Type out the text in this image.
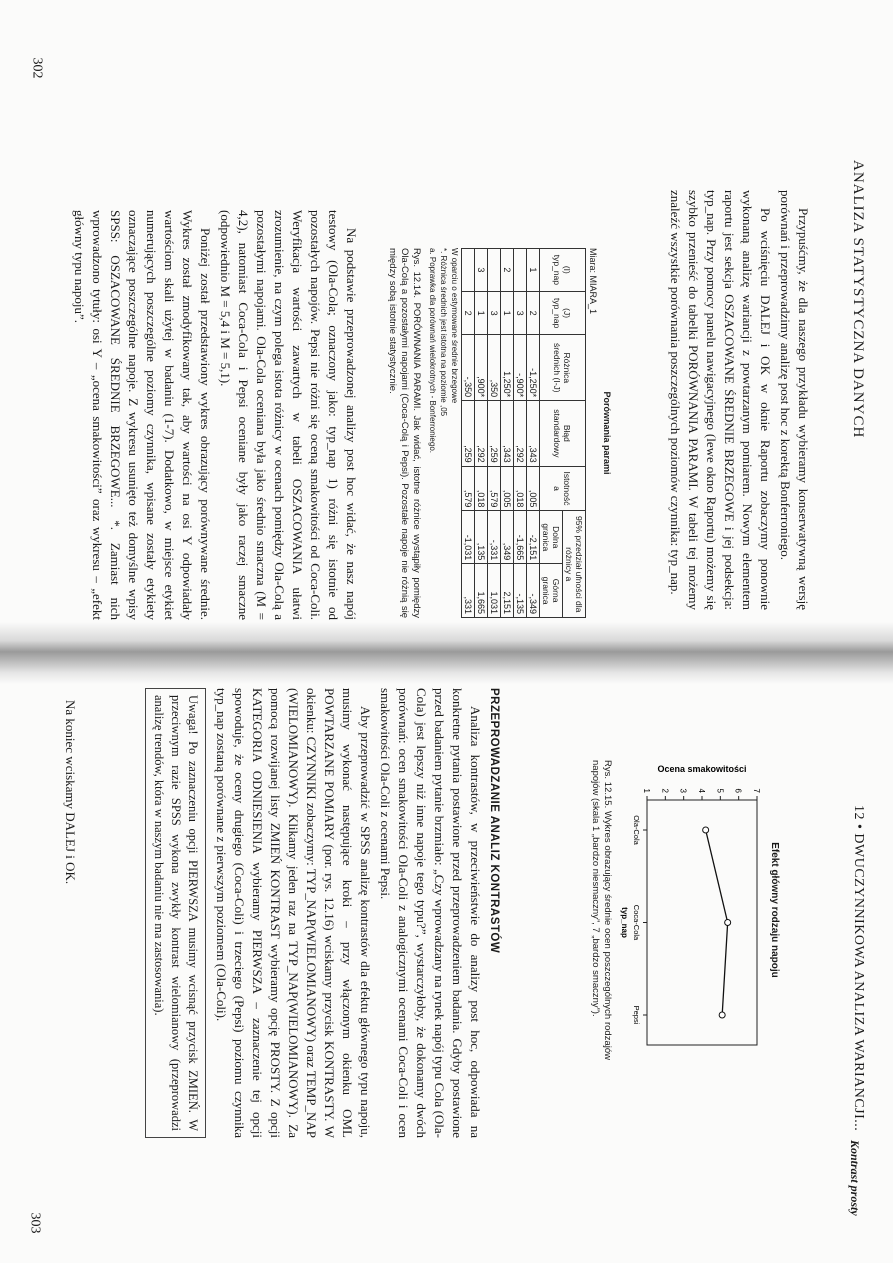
302
303
ANALIZA STATYSTYCZNA DANYCH
12 • DWUCZYNNIKOWA ANALIZA WARIANCJI...

Przypuśćmy, że dla naszego przykładu wybieramy konserwatywną wersję porównań i przeprowadzimy analizę post hoc z korektą Bonferroniego.

Po wciśnięciu DALEJ i OK w oknie Raportu zobaczymy ponownie wykonaną analizę wariancji z powtarzanym pomiarem. Nowym elementem raportu jest sekcja OSZACOWANE ŚREDNIE BRZEGOWE i jej podsekcja: typ_nap. Przy pomocy panelu nawigacyjnego (lewe okno Raportu) możemy się szybko przenieść do tabelki PORÓWNANIA PARAMI. W tabeli tej możemy znaleźć wszystkie porównania poszczególnych poziomów czynnika: typ_nap.

Porównania parami
Miara: MIARA_1
(I) typ_nap	(J) typ_nap	Różnica średnich (I-J)	Błąd standardowy	Istotność a	95% przedział ufności dla różnicy a	
					Dolna granica	Górna granica
1	2	-1,250*	,343	,005	-2,151	-,349
	3	-,900*	,292	,018	-1,665	-,135
2	1	1,250*	,343	,005	,349	2,151
	3	,350	,259	,579	-,331	1,031
3	1	,900*	,292	,018	,135	1,665
	2	-,350	,259	,579	-1,031	,331
W oparciu o estymowane średnie brzegowe
*. Różnica średnich jest istotna na poziomie ,05
a. Poprawka dla porównań wielokrotnych - Bonferroniego.
Rys. 12.14. PORÓWNANIA PARAMI. Jak widać, istotne różnice wystąpiły pomiędzy Ola-Colą a pozostałymi napojami (Coca-Colą i Pepsi). Pozostałe napoje nie różnią się między sobą istotnie statystycznie.

Na podstawie przeprowadzonej analizy post hoc widać, że nasz napój testowy (Ola-Cola; oznaczony jako: typ_nap 1) różni się istotnie od pozostałych napojów. Pepsi nie różni się oceną smakowitości od Coca-Coli. Weryfikacja wartości zawartych w tabeli OSZACOWANIA ułatwi zrozumienie, na czym polega istota różnicy w ocenach pomiędzy Ola-Colą a pozostałymi napojami. Ola-Cola oceniana była jako średnio smaczna (M = 4,2), natomiast Coca-Cola i Pepsi oceniane były jako raczej smaczne (odpowiednio M = 5,4 i M = 5,1).

Poniżej został przedstawiony wykres obrazujący porównywane średnie. Wykres został zmodyfikowany tak, aby wartości na osi Y odpowiadały wartościom skali użytej w badaniu (1-7). Dodatkowo, w miejsce etykiet numerujących poszczególne poziomy czynnika, wpisane zostały etykiety oznaczające poszczególne napoje. Z wykresu usunięto też domyślne wpisy SPSS: OSZACOWANE ŚREDNIE BRZEGOWE... *. Zamiast nich wprowadzono tytuły: osi Y – „ocena smakowitości” oraz wykresu – „efekt główny typu napoju”.

Efekt główny rodzaju napoju
1 2 3 4 5 6 7
Ola-Cola
Coca-Cola
Pepsi
Ocena smakowitości
typ_nap
Rys. 12.15. Wykres obrazujący średnie ocen poszczególnych rodzajów napojów (skala 1 „bardzo niesmaczny”, 7 „bardzo smaczny”).
Kontrast prosty
PRZEPROWADZANIE ANALIZ KONTRASTÓW

Analiza kontrastów, w przeciwieństwie do analizy post hoc, odpowiada na konkretne pytania postawione przed przeprowadzeniem badania. Gdyby postawione przed badaniem pytanie brzmiało: „Czy wprowadzany na rynek napój typu Cola (Ola-Cola) jest lepszy niż inne napoje tego typu?”, wystarczyłoby, że dokonamy dwóch porównań: ocen smakowitości Ola-Coli z analogicznymi ocenami Coca-Coli i ocen smakowitości Ola-Coli z ocenami Pepsi.

Aby przeprowadzić w SPSS analizę kontrastów dla efektu głównego typu napoju, musimy wykonać następujące kroki – przy włączonym okienku OML POWTARZANE POMIARY (por. rys. 12.16) wciskamy przycisk KONTRASTY. W okienku: CZYNNIKI zobaczymy: TYP_NAP(WIELOMIANOWY) oraz TEMP_NAP (WIELOMIANOWY). Klikamy jeden raz na TYP_NAP(WIELOMIANOWY). Za pomocą rozwijanej listy ZMIEŃ KONTRAST wybieramy opcję PROSTY. Z opcji KATEGORIA ODNIESIENIA wybieramy PIERWSZA – zaznaczenie tej opcji spowoduje, że oceny drugiego (Coca-Coli) i trzeciego (Pepsi) poziomu czynnika typ_nap zostaną porównane z pierwszym poziomem (Ola-Coli).

Uwaga! Po zaznaczeniu opcji PIERWSZA musimy wcisnąć przycisk ZMIEŃ. W przeciwnym razie SPSS wykona zwykły kontrast wielomianowy (przeprowadzi analizę trendów, która w naszym badaniu nie ma zastosowania).
Na koniec wciskamy DALEJ i OK.
